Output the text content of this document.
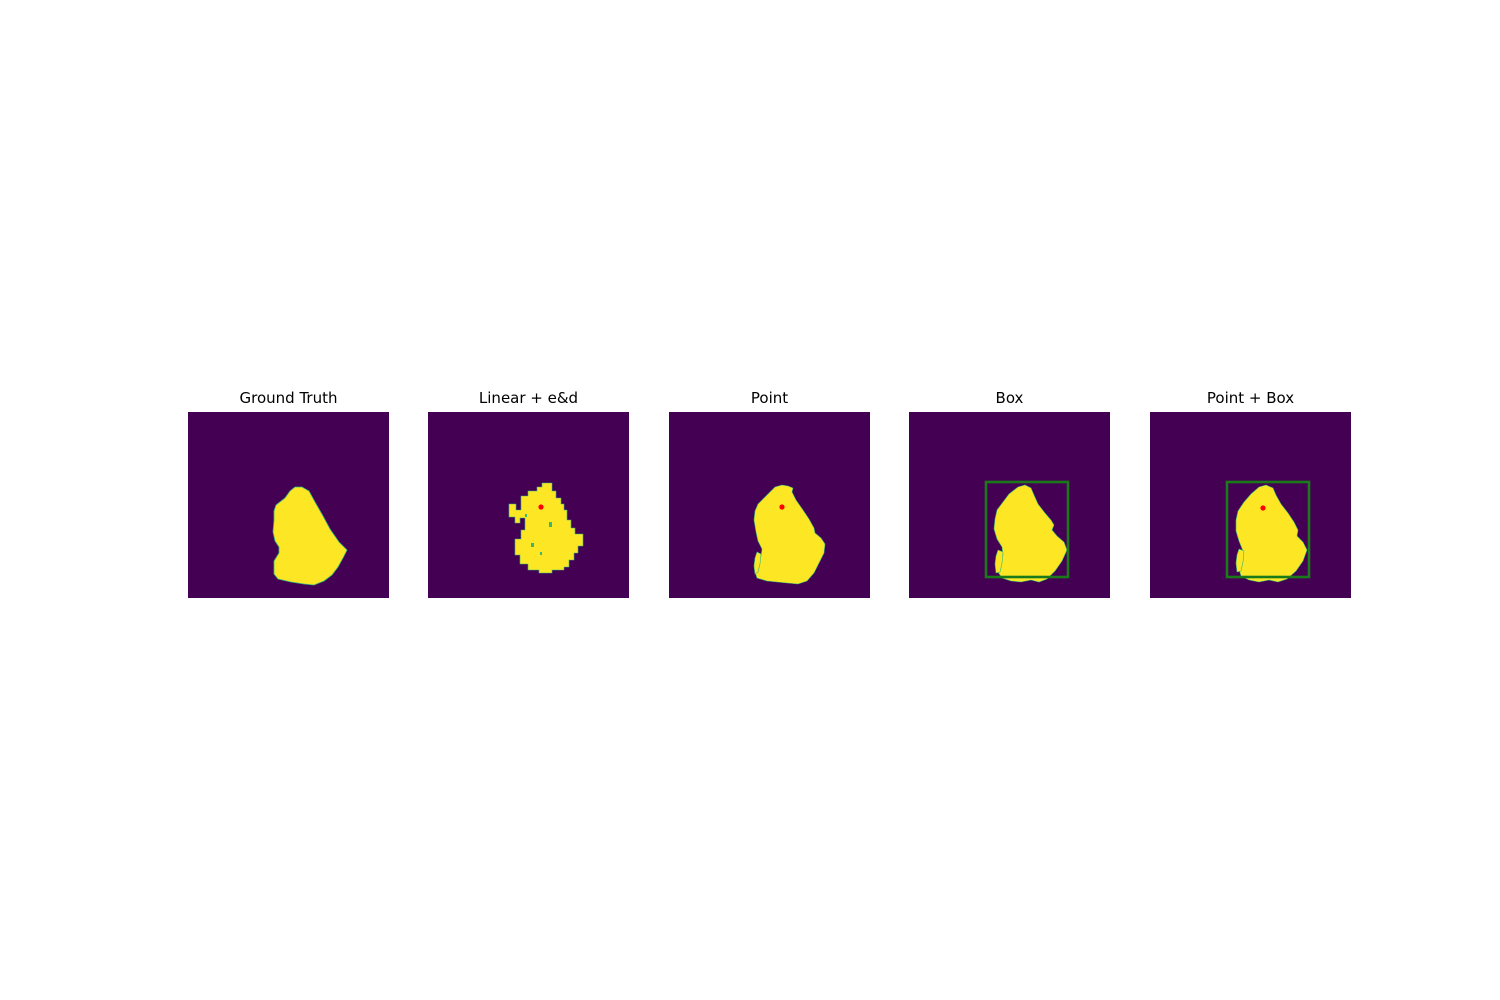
Ground Truth	Linear + e&d	Point	Box	Point + Box
